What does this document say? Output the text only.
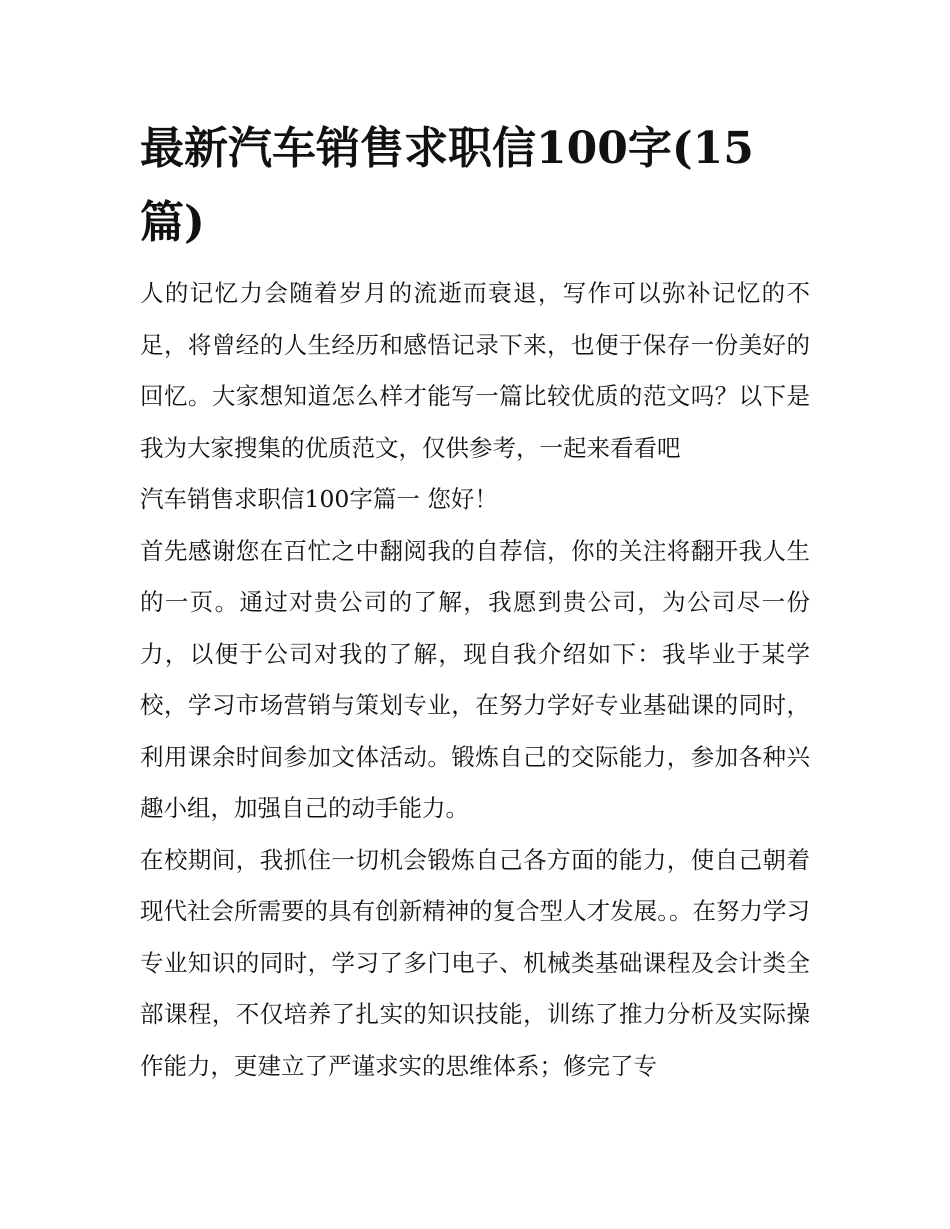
最新汽车销售求职信100字(15篇)

人的记忆力会随着岁月的流逝而衰退，写作可以弥补记忆的不足，将曾经的人生经历和感悟记录下来，也便于保存一份美好的回忆。大家想知道怎么样才能写一篇比较优质的范文吗？以下是我为大家搜集的优质范文，仅供参考，一起来看看吧

汽车销售求职信100字篇一 您好！

首先感谢您在百忙之中翻阅我的自荐信，你的关注将翻开我人生的一页。通过对贵公司的了解，我愿到贵公司，为公司尽一份力，以便于公司对我的了解，现自我介绍如下：我毕业于某学校，学习市场营销与策划专业，在努力学好专业基础课的同时，利用课余时间参加文体活动。锻炼自己的交际能力，参加各种兴趣小组，加强自己的动手能力。

在校期间，我抓住一切机会锻炼自己各方面的能力，使自己朝着现代社会所需要的具有创新精神的复合型人才发展。。在努力学习专业知识的同时，学习了多门电子、机械类基础课程及会计类全部课程，不仅培养了扎实的知识技能，训练了推力分析及实际操作能力，更建立了严谨求实的思维体系；修完了专
